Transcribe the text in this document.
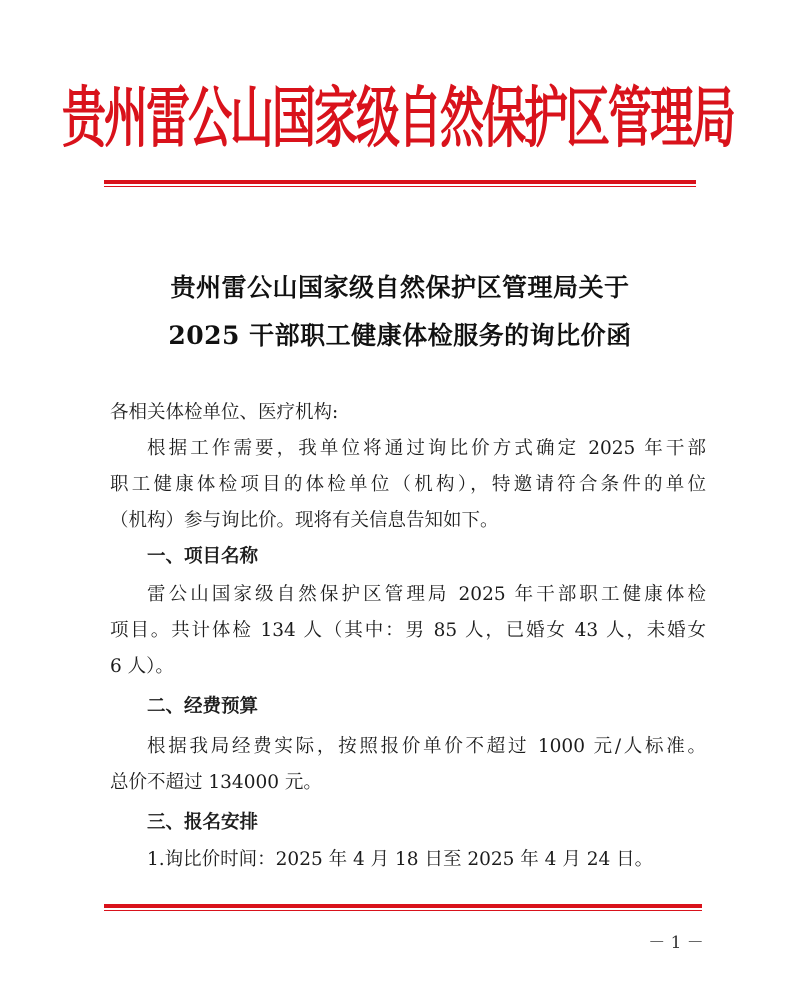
贵州雷公山国家级自然保护区管理局
贵州雷公山国家级自然保护区管理局关于
2025 干部职工健康体检服务的询比价函
各相关体检单位、医疗机构:
根据工作需要，我单位将通过询比价方式确定 2025 年干部
职工健康体检项目的体检单位（机构），特邀请符合条件的单位
（机构）参与询比价。现将有关信息告知如下。
一、项目名称
雷公山国家级自然保护区管理局 2025 年干部职工健康体检
项目。共计体检 134 人（其中：男 85 人，已婚女 43 人，未婚女
6 人）。
二、经费预算
根据我局经费实际，按照报价单价不超过 1000 元/人标准。
总价不超过 134000 元。
三、报名安排
1.询比价时间：2025 年 4 月 18 日至 2025 年 4 月 24 日。
－ 1 －
